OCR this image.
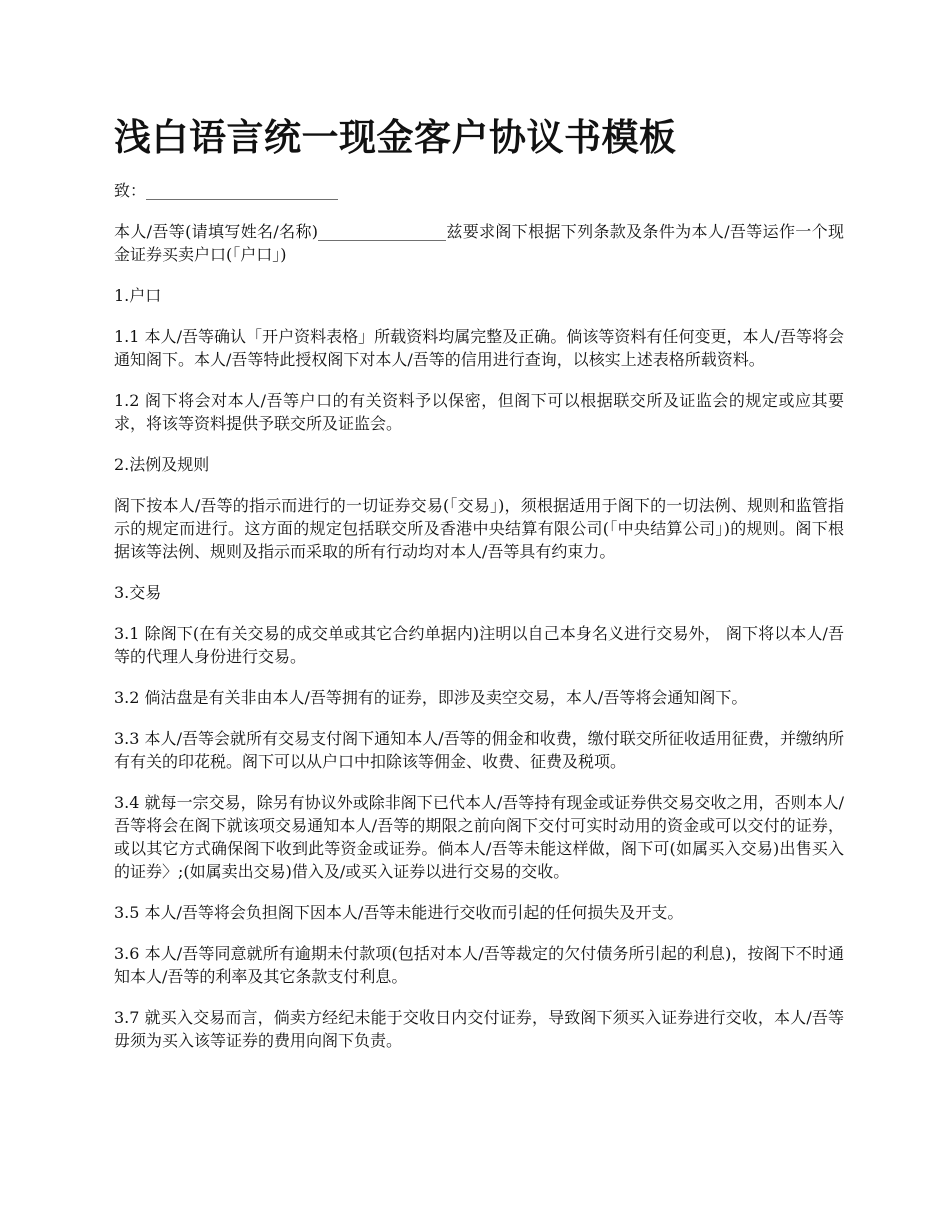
浅白语言统一现金客户协议书模板

致：________________________

本人/吾等(请填写姓名/名称)________________兹要求阁下根据下列条款及条件为本人/吾等运作一个现金证券买卖户口(「户口」)

1.户口

1.1 本人/吾等确认「开户资料表格」所载资料均属完整及正确。倘该等资料有任何变更，本人/吾等将会通知阁下。本人/吾等特此授权阁下对本人/吾等的信用进行查询，以核实上述表格所载资料。

1.2 阁下将会对本人/吾等户口的有关资料予以保密，但阁下可以根据联交所及证监会的规定或应其要求，将该等资料提供予联交所及证监会。

2.法例及规则

阁下按本人/吾等的指示而进行的一切证券交易(「交易」)，须根据适用于阁下的一切法例、规则和监管指示的规定而进行。这方面的规定包括联交所及香港中央结算有限公司(「中央结算公司」)的规则。阁下根据该等法例、规则及指示而采取的所有行动均对本人/吾等具有约束力。

3.交易

3.1 除阁下(在有关交易的成交单或其它合约单据内)注明以自己本身名义进行交易外， 阁下将以本人/吾等的代理人身份进行交易。

3.2 倘沽盘是有关非由本人/吾等拥有的证券，即涉及卖空交易，本人/吾等将会通知阁下。

3.3 本人/吾等会就所有交易支付阁下通知本人/吾等的佣金和收费，缴付联交所征收适用征费，并缴纳所有有关的印花税。阁下可以从户口中扣除该等佣金、收费、征费及税项。

3.4 就每一宗交易，除另有协议外或除非阁下已代本人/吾等持有现金或证券供交易交收之用，否则本人/吾等将会在阁下就该项交易通知本人/吾等的期限之前向阁下交付可实时动用的资金或可以交付的证券，或以其它方式确保阁下收到此等资金或证券。倘本人/吾等未能这样做，阁下可(如属买入交易)出售买入的证券〉;(如属卖出交易)借入及/或买入证券以进行交易的交收。

3.5 本人/吾等将会负担阁下因本人/吾等未能进行交收而引起的任何损失及开支。

3.6 本人/吾等同意就所有逾期未付款项(包括对本人/吾等裁定的欠付债务所引起的利息)，按阁下不时通知本人/吾等的利率及其它条款支付利息。

3.7 就买入交易而言，倘卖方经纪未能于交收日内交付证券，导致阁下须买入证券进行交收，本人/吾等毋须为买入该等证券的费用向阁下负责。
